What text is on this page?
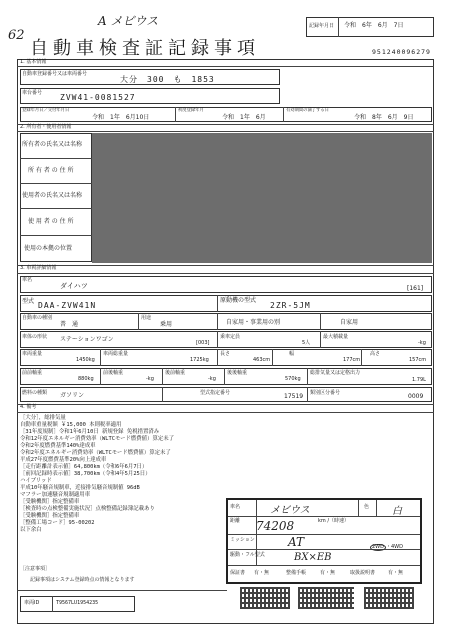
62
A メビウス	記録年月日 令和　6年　6月　7日
自動車検査証記録事項	951240096279
1. 基本情報
自動車登録番号又は車両番号
大分　300　も　1853
車台番号 ZVW41-0081527
登録年月日／交付年月日
令和　1年　6月10日
初度登録年月
令和　1年　6月
有効期間の満了する日
令和　8年　6月　9日
2. 所有者・使用者情報
所有者の氏名又は名称
所 有 者 の 住 所
使用者の氏名又は名称
使 用 者 の 住 所
使用の本拠の位置
3. 車両詳細情報
車名
ダイハツ	[161]
型式 DAA-ZVW41N
原動機の型式
2ZR-5JM
自動車の種別
普　通
用途
乗用	自家用・事業用の別	自家用
車体の形状 ステーションワゴン	[003]
乗車定員
5人
最大積載量
-kg
車両重量
1450kg
車両総重量
1725kg
長さ
463cm
幅
177cm
高さ
157cm
前前軸重
880kg
前後軸重
-kg
後前軸重
-kg
後後軸重
570kg
総排気量又は定格出力
1.79L
燃料の種類 ガソリン	型式指定番号	17519 類別区分番号	0009
4. 備考
［大分］，総排気量
自動車重量税額 ￥15,000 本則税率適用
［31年度規制］令和1年6月10日 新規登録 免税措置済み
令和12年度エネルギー消費効率（WLTCモード燃費値）算定未了
令和2年度燃費基準140%達成車
令和2年度エネルギー消費効率（WLTCモード燃費値）算定未了
平成27年度燃費基準20%向上達成車
［走行距離計表示値］64,800km（令和6年6月7日）
［前回記録時表示値］38,700km（令和4年5月25日）
ハイブリッド
平成10年騒音規制車，近接排気騒音規制値 96dB
マフラー加速騒音規制適用車
［受験機関］指定整備車
［検査時の点検整備実施状況］点検整備記録簿記載あり
［受験機関］指定整備車
［整備工場コード］95-00202
以下余白
車名	メビウス	色 白
距離	km /（時速）
74208
ミッション	AT
駆動・フル型式	BX×EB
2WD ・4WD
保証書 有・無	整備手帳	有・無	取扱説明書	有・無
［注意事項］
記録事項はシステム登録時点の情報となります
車両ID	T9567LU1954235
